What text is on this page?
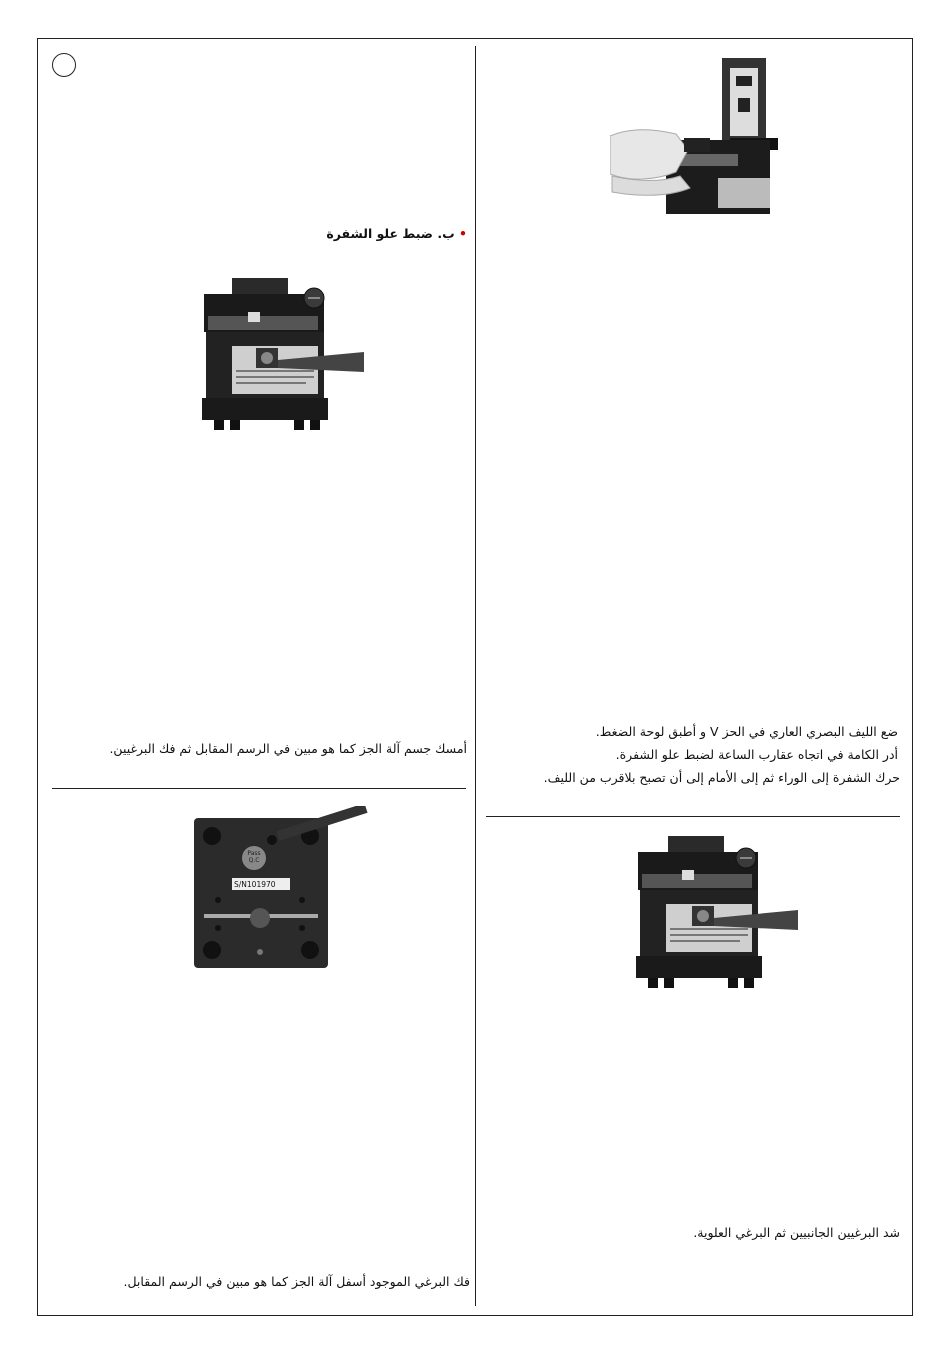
• ب. ضبط علو الشفرة
Pass Q.C
S/N101970
أمسك جسم آلة الجز كما هو مبين في الرسم المقابل ثم فك البرغيين.
فك البرغي الموجود أسفل آلة الجز كما هو مبين في الرسم المقابل.
ضع الليف البصري العاري في الحز V و أطبق لوحة الضغط.
أدر الكامة في اتجاه عقارب الساعة لضبط علو الشفرة.
حرك الشفرة إلى الوراء ثم إلى الأمام إلى أن تصبح بلاقرب من الليف.
شد البرغيين الجانبيين ثم البرغي العلوية.
